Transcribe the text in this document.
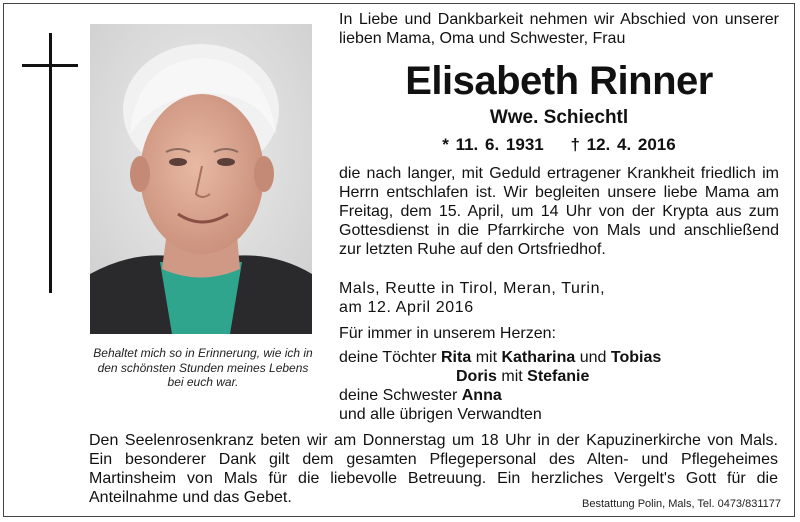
Behaltet mich so in Erinnerung, wie ich in den schönsten Stunden meines Lebens bei euch war.
In Liebe und Dankbarkeit nehmen wir Abschied von unserer lieben Mama, Oma und Schwester, Frau
Elisabeth Rinner
Wwe. Schiechtl
* 11. 6. 1931 † 12. 4. 2016
die nach langer, mit Geduld ertragener Krankheit friedlich im Herrn entschlafen ist. Wir begleiten unsere liebe Mama am Freitag, dem 15. April, um 14 Uhr von der Krypta aus zum Gottesdienst in die Pfarrkirche von Mals und anschließend zur letzten Ruhe auf den Ortsfriedhof.
Mals, Reutte in Tirol, Meran, Turin,
am 12. April 2016
Für immer in unserem Herzen:
deine Töchter Rita mit Katharina und Tobias
Doris mit Stefanie
deine Schwester Anna
und alle übrigen Verwandten
Den Seelenrosenkranz beten wir am Donnerstag um 18 Uhr in der Kapuzinerkirche von Mals. Ein besonderer Dank gilt dem gesamten Pflegepersonal des Alten- und Pflegeheimes Martinsheim von Mals für die liebevolle Betreuung. Ein herzliches Vergelt's Gott für die Anteilnahme und das Gebet.	Bestattung Polin, Mals, Tel. 0473/831177
